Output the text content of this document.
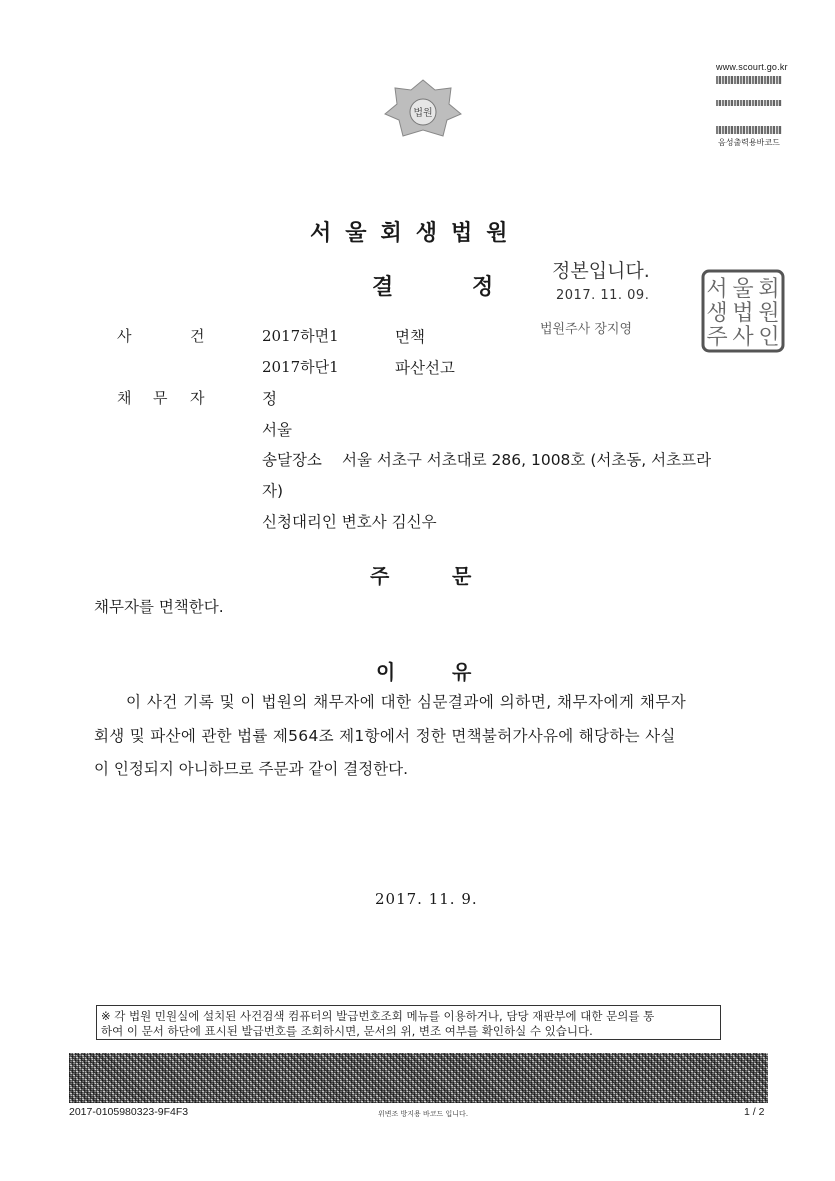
법원
www.scourt.go.kr
음성출력용바코드
서울회생법원
결	정
정본입니다.
2017. 11. 09.
법원주사 장지영
서 울 회
생 법 원
주 사 인
사	건	2017하면1	면책
2017하단1	파산선고
채 무 자	정
서울
송달장소 서울 서초구 서초대로 286, 1008호 (서초동, 서초프라
자)
신청대리인 변호사 김신우
주	문
채무자를 면책한다.
이	유
이 사건 기록 및 이 법원의 채무자에 대한 심문결과에 의하면, 채무자에게 채무자
회생 및 파산에 관한 법률 제564조 제1항에서 정한 면책불허가사유에 해당하는 사실
이 인정되지 아니하므로 주문과 같이 결정한다.
2017. 11. 9.
※ 각 법원 민원실에 설치된 사건검색 컴퓨터의 발급번호조회 메뉴를 이용하거나, 담당 재판부에 대한 문의를 통
하여 이 문서 하단에 표시된 발급번호를 조회하시면, 문서의 위, 변조 여부를 확인하실 수 있습니다.
2017-0105980323-9F4F3	위변조 방지용 바코드 입니다.	1 / 2
